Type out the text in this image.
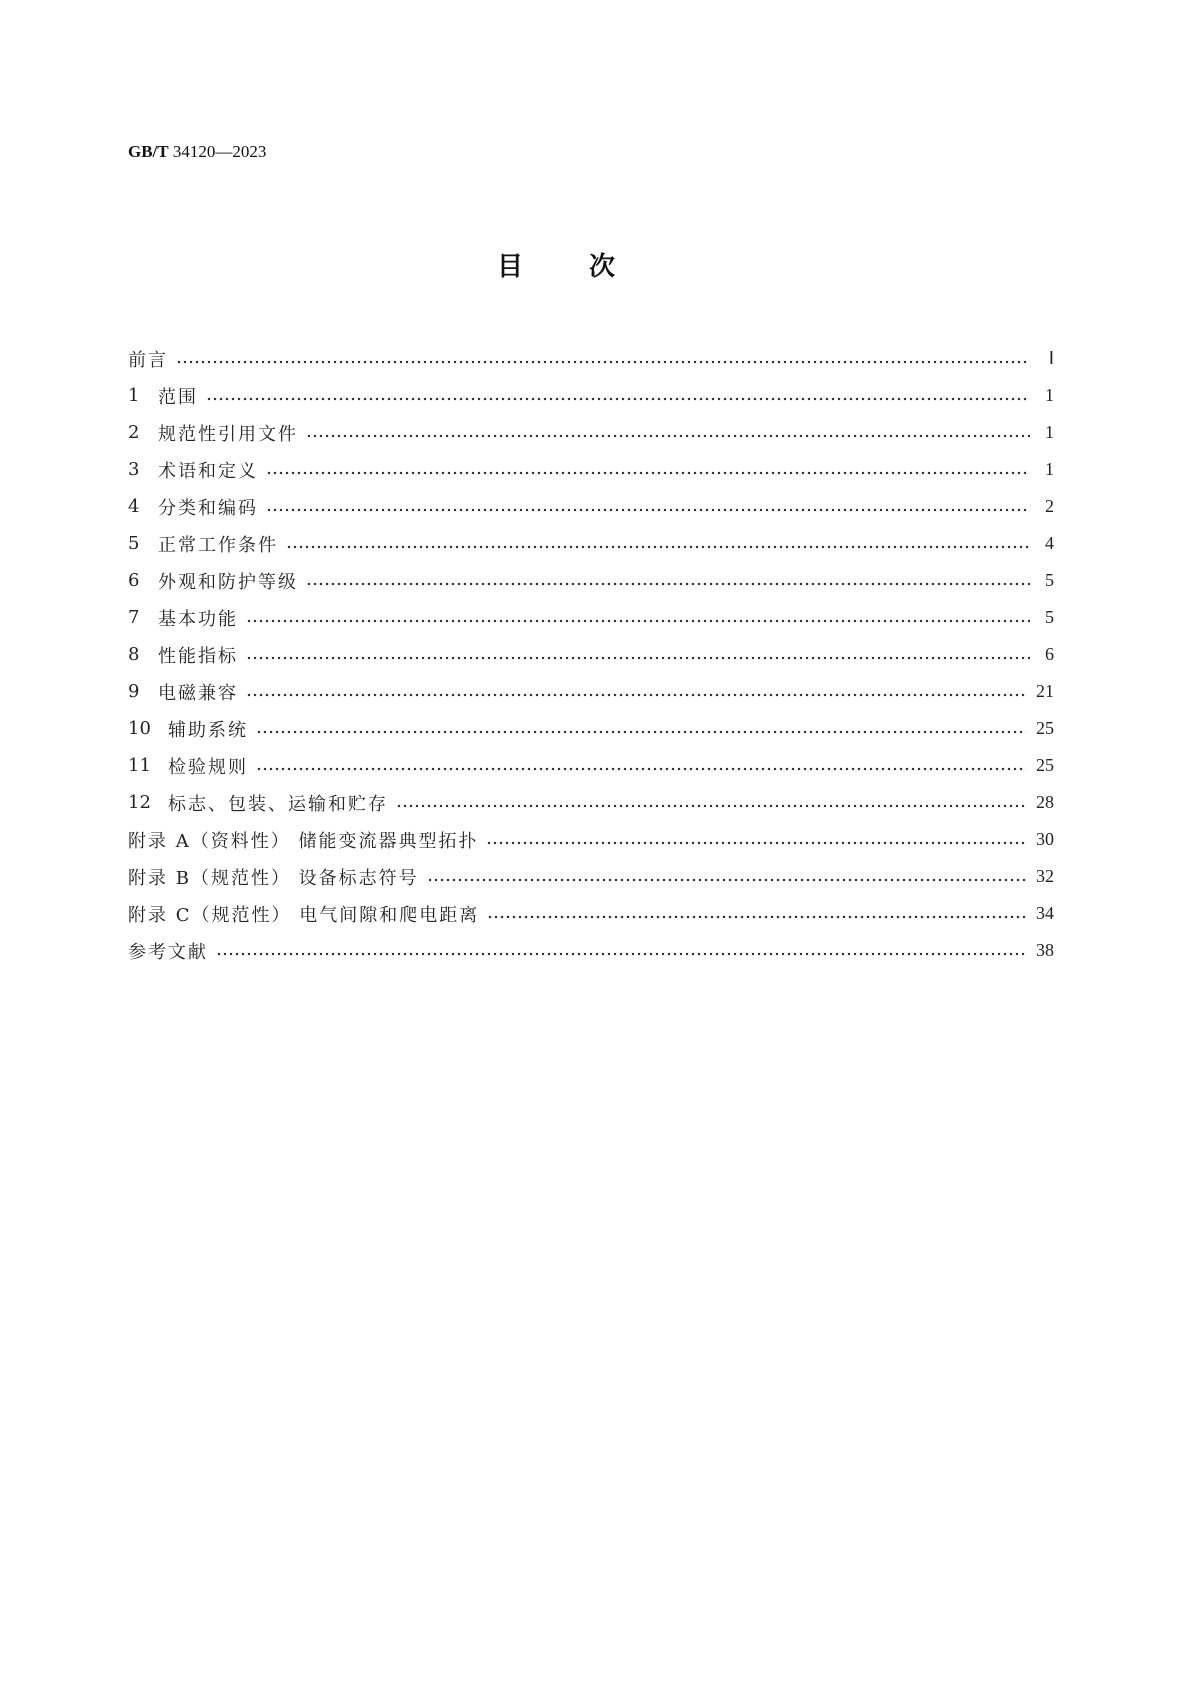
GB/T 34120—2023
目次
前言	Ⅰ
1	范围	1
2	规范性引用文件	1
3	术语和定义	1
4	分类和编码	2
5	正常工作条件	4
6	外观和防护等级	5
7	基本功能	5
8	性能指标	6
9	电磁兼容	21
10 辅助系统	25
11 检验规则	25
12 标志、包装、运输和贮存	28
附录 A（资料性） 储能变流器典型拓扑	30
附录 B（规范性） 设备标志符号	32
附录 C（规范性） 电气间隙和爬电距离	34
参考文献	38
